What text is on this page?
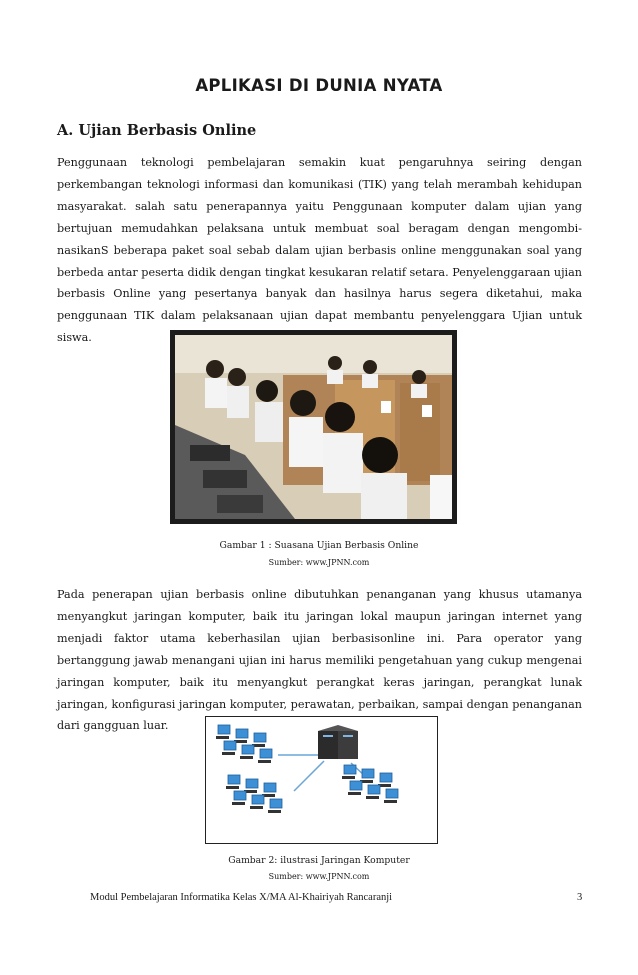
APLIKASI DI DUNIA NYATA
A. Ujian Berbasis Online

Penggunaan teknologi pembelajaran semakin kuat pengaruhnya seiring dengan perkembangan teknologi informasi dan komunikasi (TIK) yang telah merambah kehidupan masyarakat. salah satu penerapannya yaitu Penggunaan komputer dalam ujian yang bertujuan memudahkan pelaksana untuk membuat soal beragam dengan mengombi-nasikanS beberapa paket soal sebab dalam ujian berbasis online menggunakan soal yang berbeda antar peserta didik dengan tingkat kesukaran relatif setara. Penyelenggaraan ujian berbasis Online yang pesertanya banyak dan hasilnya harus segera diketahui, maka penggunaan TIK dalam pelaksanaan ujian dapat membantu penyelenggara Ujian untuk siswa.

Gambar 1 : Suasana Ujian Berbasis Online
Sumber: www.JPNN.com

Pada penerapan ujian berbasis online dibutuhkan penanganan yang khusus utamanya menyangkut jaringan komputer, baik itu jaringan lokal maupun jaringan internet yang menjadi faktor utama keberhasilan ujian berbasisonline ini. Para operator yang bertanggung jawab menangani ujian ini harus memiliki pengetahuan yang cukup mengenai jaringan komputer, baik itu menyangkut perangkat keras jaringan, perangkat lunak jaringan, konfigurasi jaringan komputer, perawatan, perbaikan, sampai dengan penanganan dari gangguan luar.

Gambar 2: ilustrasi Jaringan Komputer
Sumber: www.JPNN.com
Modul Pembelajaran Informatika Kelas X/MA Al-Khairiyah Rancaranji	3
